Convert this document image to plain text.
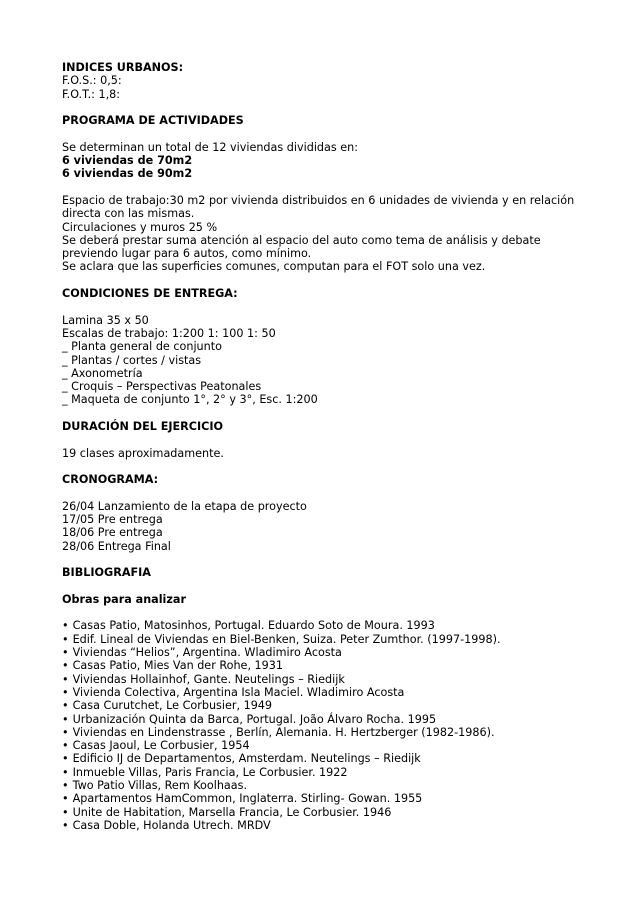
INDICES URBANOS:
F.O.S.: 0,5:
F.O.T.: 1,8:
PROGRAMA DE ACTIVIDADES
Se determinan un total de 12 viviendas divididas en:
6 viviendas de 70m2
6 viviendas de 90m2
Espacio de trabajo:30 m2 por vivienda distribuidos en 6 unidades de vivienda y en relación
directa con las mismas.
Circulaciones y muros 25 %
Se deberá prestar suma atención al espacio del auto como tema de análisis y debate
previendo lugar para 6 autos, como mínimo.
Se aclara que las superficies comunes, computan para el FOT solo una vez.
CONDICIONES DE ENTREGA:
Lamina 35 x 50
Escalas de trabajo: 1:200 1: 100 1: 50
_ Planta general de conjunto
_ Plantas / cortes / vistas
_ Axonometría
_ Croquis – Perspectivas Peatonales
_ Maqueta de conjunto 1°, 2° y 3°, Esc. 1:200
DURACIÓN DEL EJERCICIO
19 clases aproximadamente.
CRONOGRAMA:
26/04 Lanzamiento de la etapa de proyecto
17/05 Pre entrega
18/06 Pre entrega
28/06 Entrega Final
BIBLIOGRAFIA
Obras para analizar
• Casas Patio, Matosinhos, Portugal. Eduardo Soto de Moura. 1993
• Edif. Lineal de Viviendas en Biel-Benken, Suiza. Peter Zumthor. (1997-1998).
• Viviendas “Helios”, Argentina. Wladimiro Acosta
• Casas Patio, Mies Van der Rohe, 1931
• Viviendas Hollainhof, Gante. Neutelings – Riedijk
• Vivienda Colectiva, Argentina Isla Maciel. Wladimiro Acosta
• Casa Curutchet, Le Corbusier, 1949
• Urbanización Quinta da Barca, Portugal. João Álvaro Rocha. 1995
• Viviendas en Lindenstrasse , Berlín, Alemania. H. Hertzberger (1982-1986).
• Casas Jaoul, Le Corbusier, 1954
• Edificio IJ de Departamentos, Amsterdam. Neutelings – Riedijk
• Inmueble Villas, Paris Francia, Le Corbusier. 1922
• Two Patio Villas, Rem Koolhaas.
• Apartamentos HamCommon, Inglaterra. Stirling- Gowan. 1955
• Unite de Habitation, Marsella Francia, Le Corbusier. 1946
• Casa Doble, Holanda Utrech. MRDV
